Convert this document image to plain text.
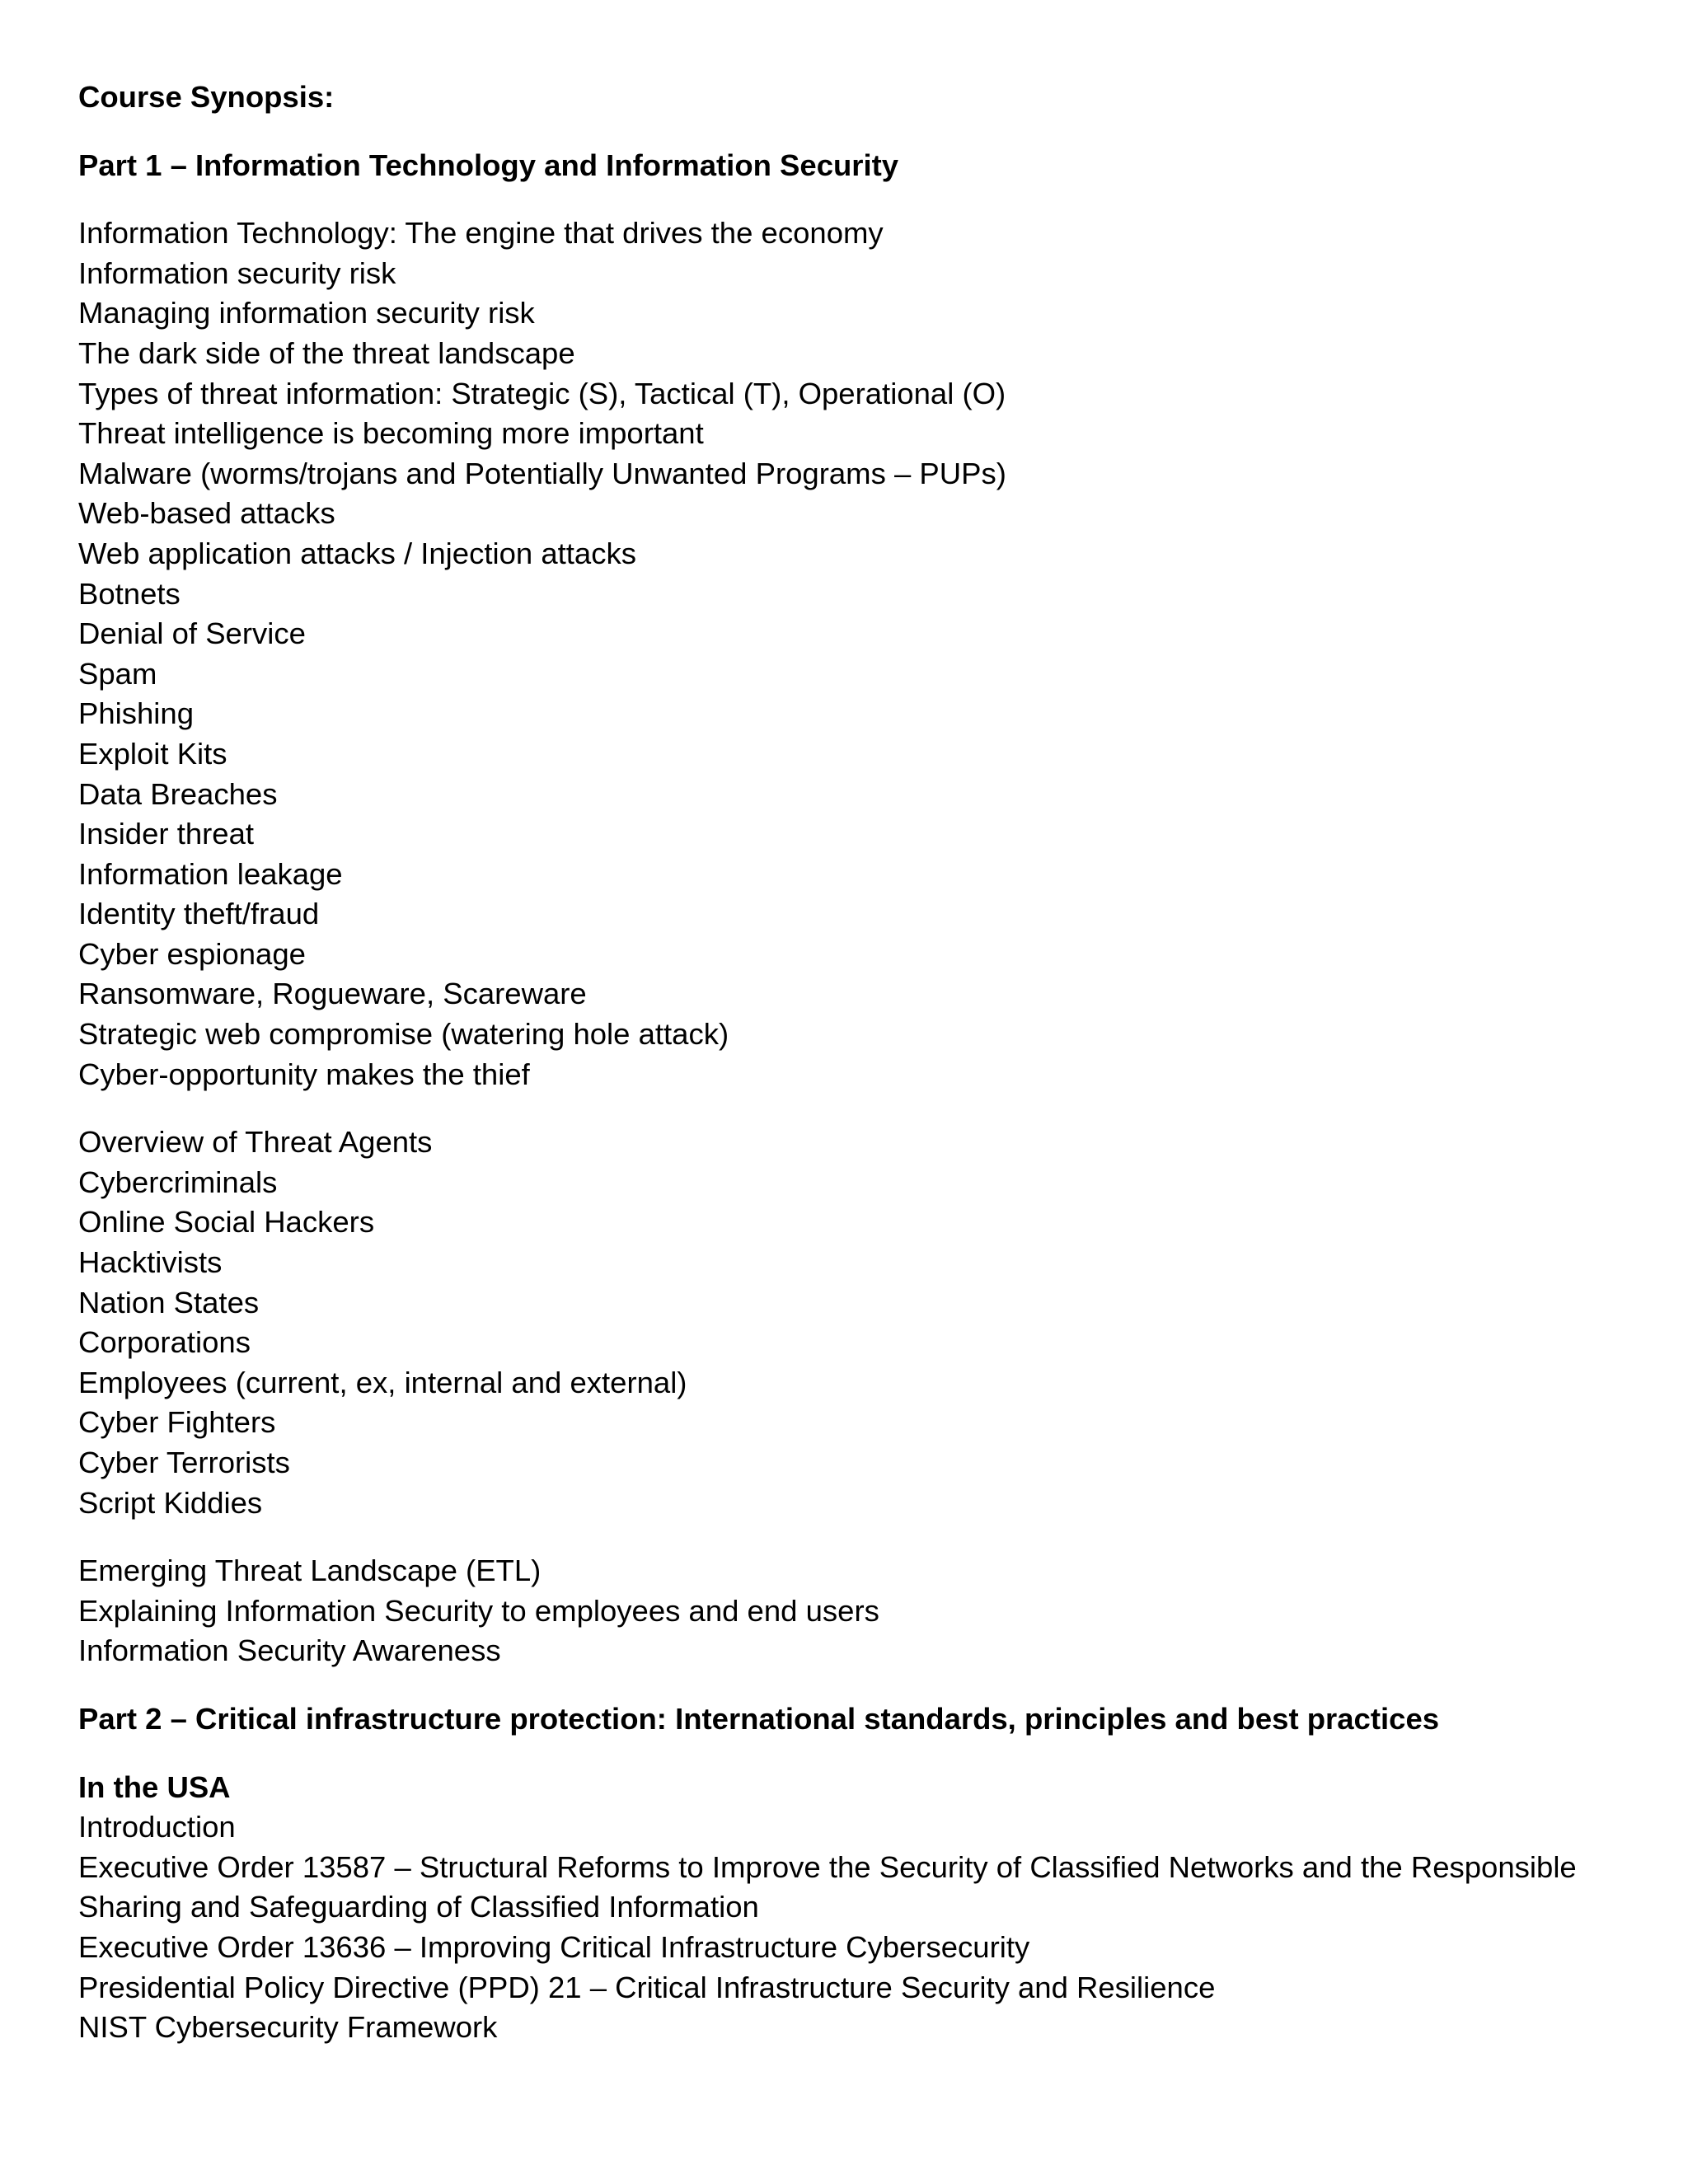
Course Synopsis:

Part 1 – Information Technology and Information Security

Information Technology: The engine that drives the economy

Information security risk

Managing information security risk

The dark side of the threat landscape

Types of threat information: Strategic (S), Tactical (T), Operational (O)

Threat intelligence is becoming more important

Malware (worms/trojans and Potentially Unwanted Programs – PUPs)

Web-based attacks

Web application attacks / Injection attacks

Botnets

Denial of Service

Spam

Phishing

Exploit Kits

Data Breaches

Insider threat

Information leakage

Identity theft/fraud

Cyber espionage

Ransomware, Rogueware, Scareware

Strategic web compromise (watering hole attack)

Cyber-opportunity makes the thief

Overview of Threat Agents

Cybercriminals

Online Social Hackers

Hacktivists

Nation States

Corporations

Employees (current, ex, internal and external)

Cyber Fighters

Cyber Terrorists

Script Kiddies

Emerging Threat Landscape (ETL)

Explaining Information Security to employees and end users

Information Security Awareness

Part 2 – Critical infrastructure protection: International standards, principles and best practices

In the USA

Introduction

Executive Order 13587 – Structural Reforms to Improve the Security of Classified Networks and the Responsible

Sharing and Safeguarding of Classified Information

Executive Order 13636 – Improving Critical Infrastructure Cybersecurity

Presidential Policy Directive (PPD) 21 – Critical Infrastructure Security and Resilience

NIST Cybersecurity Framework
